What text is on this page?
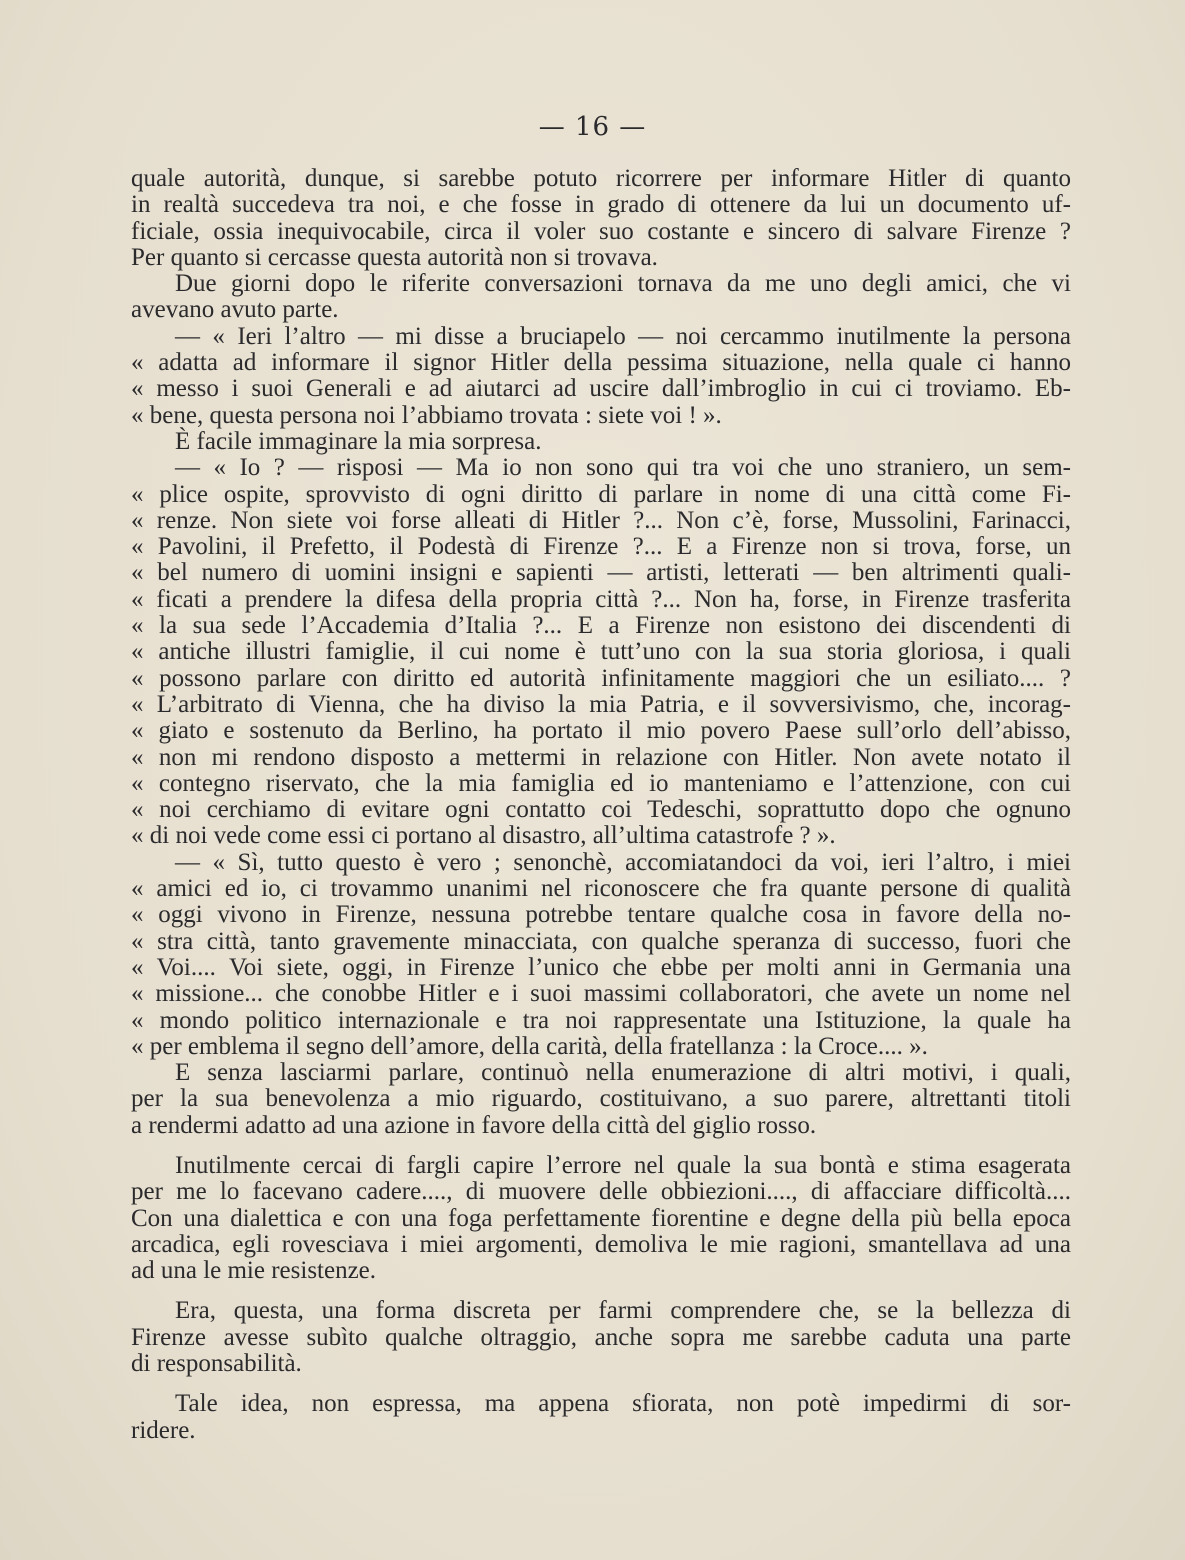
— 16 —
quale autorità, dunque, si sarebbe potuto ricorrere per informare Hitler di quanto
in realtà succedeva tra noi, e che fosse in grado di ottenere da lui un documento uf-
ficiale, ossia inequivocabile, circa il voler suo costante e sincero di salvare Firenze ?
Per quanto si cercasse questa autorità non si trovava.
Due giorni dopo le riferite conversazioni tornava da me uno degli amici, che vi
avevano avuto parte.
— « Ieri l’altro — mi disse a bruciapelo — noi cercammo inutilmente la persona
« adatta ad informare il signor Hitler della pessima situazione, nella quale ci hanno
« messo i suoi Generali e ad aiutarci ad uscire dall’imbroglio in cui ci troviamo. Eb-
« bene, questa persona noi l’abbiamo trovata : siete voi ! ».
È facile immaginare la mia sorpresa.
— « Io ? — risposi — Ma io non sono qui tra voi che uno straniero, un sem-
« plice ospite, sprovvisto di ogni diritto di parlare in nome di una città come Fi-
« renze. Non siete voi forse alleati di Hitler ?... Non c’è, forse, Mussolini, Farinacci,
« Pavolini, il Prefetto, il Podestà di Firenze ?... E a Firenze non si trova, forse, un
« bel numero di uomini insigni e sapienti — artisti, letterati — ben altrimenti quali-
« ficati a prendere la difesa della propria città ?... Non ha, forse, in Firenze trasferita
« la sua sede l’Accademia d’Italia ?... E a Firenze non esistono dei discendenti di
« antiche illustri famiglie, il cui nome è tutt’uno con la sua storia gloriosa, i quali
« possono parlare con diritto ed autorità infinitamente maggiori che un esiliato.... ?
« L’arbitrato di Vienna, che ha diviso la mia Patria, e il sovversivismo, che, incorag-
« giato e sostenuto da Berlino, ha portato il mio povero Paese sull’orlo dell’abisso,
« non mi rendono disposto a mettermi in relazione con Hitler. Non avete notato il
« contegno riservato, che la mia famiglia ed io manteniamo e l’attenzione, con cui
« noi cerchiamo di evitare ogni contatto coi Tedeschi, soprattutto dopo che ognuno
« di noi vede come essi ci portano al disastro, all’ultima catastrofe ? ».
— « Sì, tutto questo è vero ; senonchè, accomiatandoci da voi, ieri l’altro, i miei
« amici ed io, ci trovammo unanimi nel riconoscere che fra quante persone di qualità
« oggi vivono in Firenze, nessuna potrebbe tentare qualche cosa in favore della no-
« stra città, tanto gravemente minacciata, con qualche speranza di successo, fuori che
« Voi.... Voi siete, oggi, in Firenze l’unico che ebbe per molti anni in Germania una
« missione... che conobbe Hitler e i suoi massimi collaboratori, che avete un nome nel
« mondo politico internazionale e tra noi rappresentate una Istituzione, la quale ha
« per emblema il segno dell’amore, della carità, della fratellanza : la Croce.... ».
E senza lasciarmi parlare, continuò nella enumerazione di altri motivi, i quali,
per la sua benevolenza a mio riguardo, costituivano, a suo parere, altrettanti titoli
a rendermi adatto ad una azione in favore della città del giglio rosso.
Inutilmente cercai di fargli capire l’errore nel quale la sua bontà e stima esagerata
per me lo facevano cadere...., di muovere delle obbiezioni...., di affacciare difficoltà....
Con una dialettica e con una foga perfettamente fiorentine e degne della più bella epoca
arcadica, egli rovesciava i miei argomenti, demoliva le mie ragioni, smantellava ad una
ad una le mie resistenze.
Era, questa, una forma discreta per farmi comprendere che, se la bellezza di
Firenze avesse subìto qualche oltraggio, anche sopra me sarebbe caduta una parte
di responsabilità.
Tale idea, non espressa, ma appena sfiorata, non potè impedirmi di sor-
ridere.
